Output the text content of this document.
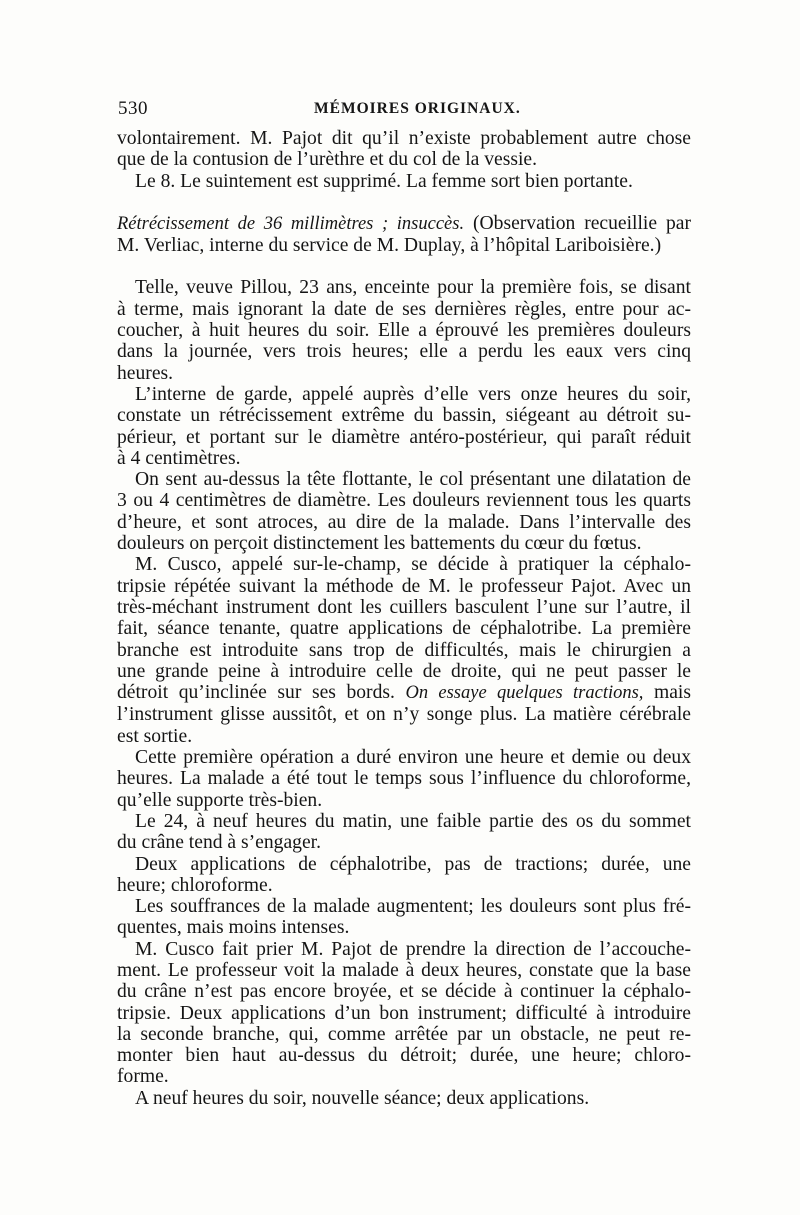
530	MÉMOIRES ORIGINAUX.

volontairement. M. Pajot dit qu’il n’existe probablement autre chose
que de la contusion de l’urèthre et du col de la vessie.

Le 8. Le suintement est supprimé. La femme sort bien portante.

Rétrécissement de 36 millimètres ; insuccès. (Observation recueillie par
M. Verliac, interne du service de M. Duplay, à l’hôpital Lariboisière.)

Telle, veuve Pillou, 23 ans, enceinte pour la première fois, se disant
à terme, mais ignorant la date de ses dernières règles, entre pour ac-
coucher, à huit heures du soir. Elle a éprouvé les premières douleurs
dans la journée, vers trois heures; elle a perdu les eaux vers cinq
heures.

L’interne de garde, appelé auprès d’elle vers onze heures du soir,
constate un rétrécissement extrême du bassin, siégeant au détroit su-
périeur, et portant sur le diamètre antéro-postérieur, qui paraît réduit
à 4 centimètres.

On sent au-dessus la tête flottante, le col présentant une dilatation de
3 ou 4 centimètres de diamètre. Les douleurs reviennent tous les quarts
d’heure, et sont atroces, au dire de la malade. Dans l’intervalle des
douleurs on perçoit distinctement les battements du cœur du fœtus.

M. Cusco, appelé sur-le-champ, se décide à pratiquer la céphalo-
tripsie répétée suivant la méthode de M. le professeur Pajot. Avec un
très-méchant instrument dont les cuillers basculent l’une sur l’autre, il
fait, séance tenante, quatre applications de céphalotribe. La première
branche est introduite sans trop de difficultés, mais le chirurgien a
une grande peine à introduire celle de droite, qui ne peut passer le
détroit qu’inclinée sur ses bords. On essaye quelques tractions, mais
l’instrument glisse aussitôt, et on n’y songe plus. La matière cérébrale
est sortie.

Cette première opération a duré environ une heure et demie ou deux
heures. La malade a été tout le temps sous l’influence du chloroforme,
qu’elle supporte très-bien.

Le 24, à neuf heures du matin, une faible partie des os du sommet
du crâne tend à s’engager.

Deux applications de céphalotribe, pas de tractions; durée, une
heure; chloroforme.

Les souffrances de la malade augmentent; les douleurs sont plus fré-
quentes, mais moins intenses.

M. Cusco fait prier M. Pajot de prendre la direction de l’accouche-
ment. Le professeur voit la malade à deux heures, constate que la base
du crâne n’est pas encore broyée, et se décide à continuer la céphalo-
tripsie. Deux applications d’un bon instrument; difficulté à introduire
la seconde branche, qui, comme arrêtée par un obstacle, ne peut re-
monter bien haut au-dessus du détroit; durée, une heure; chloro-
forme.

A neuf heures du soir, nouvelle séance; deux applications.
